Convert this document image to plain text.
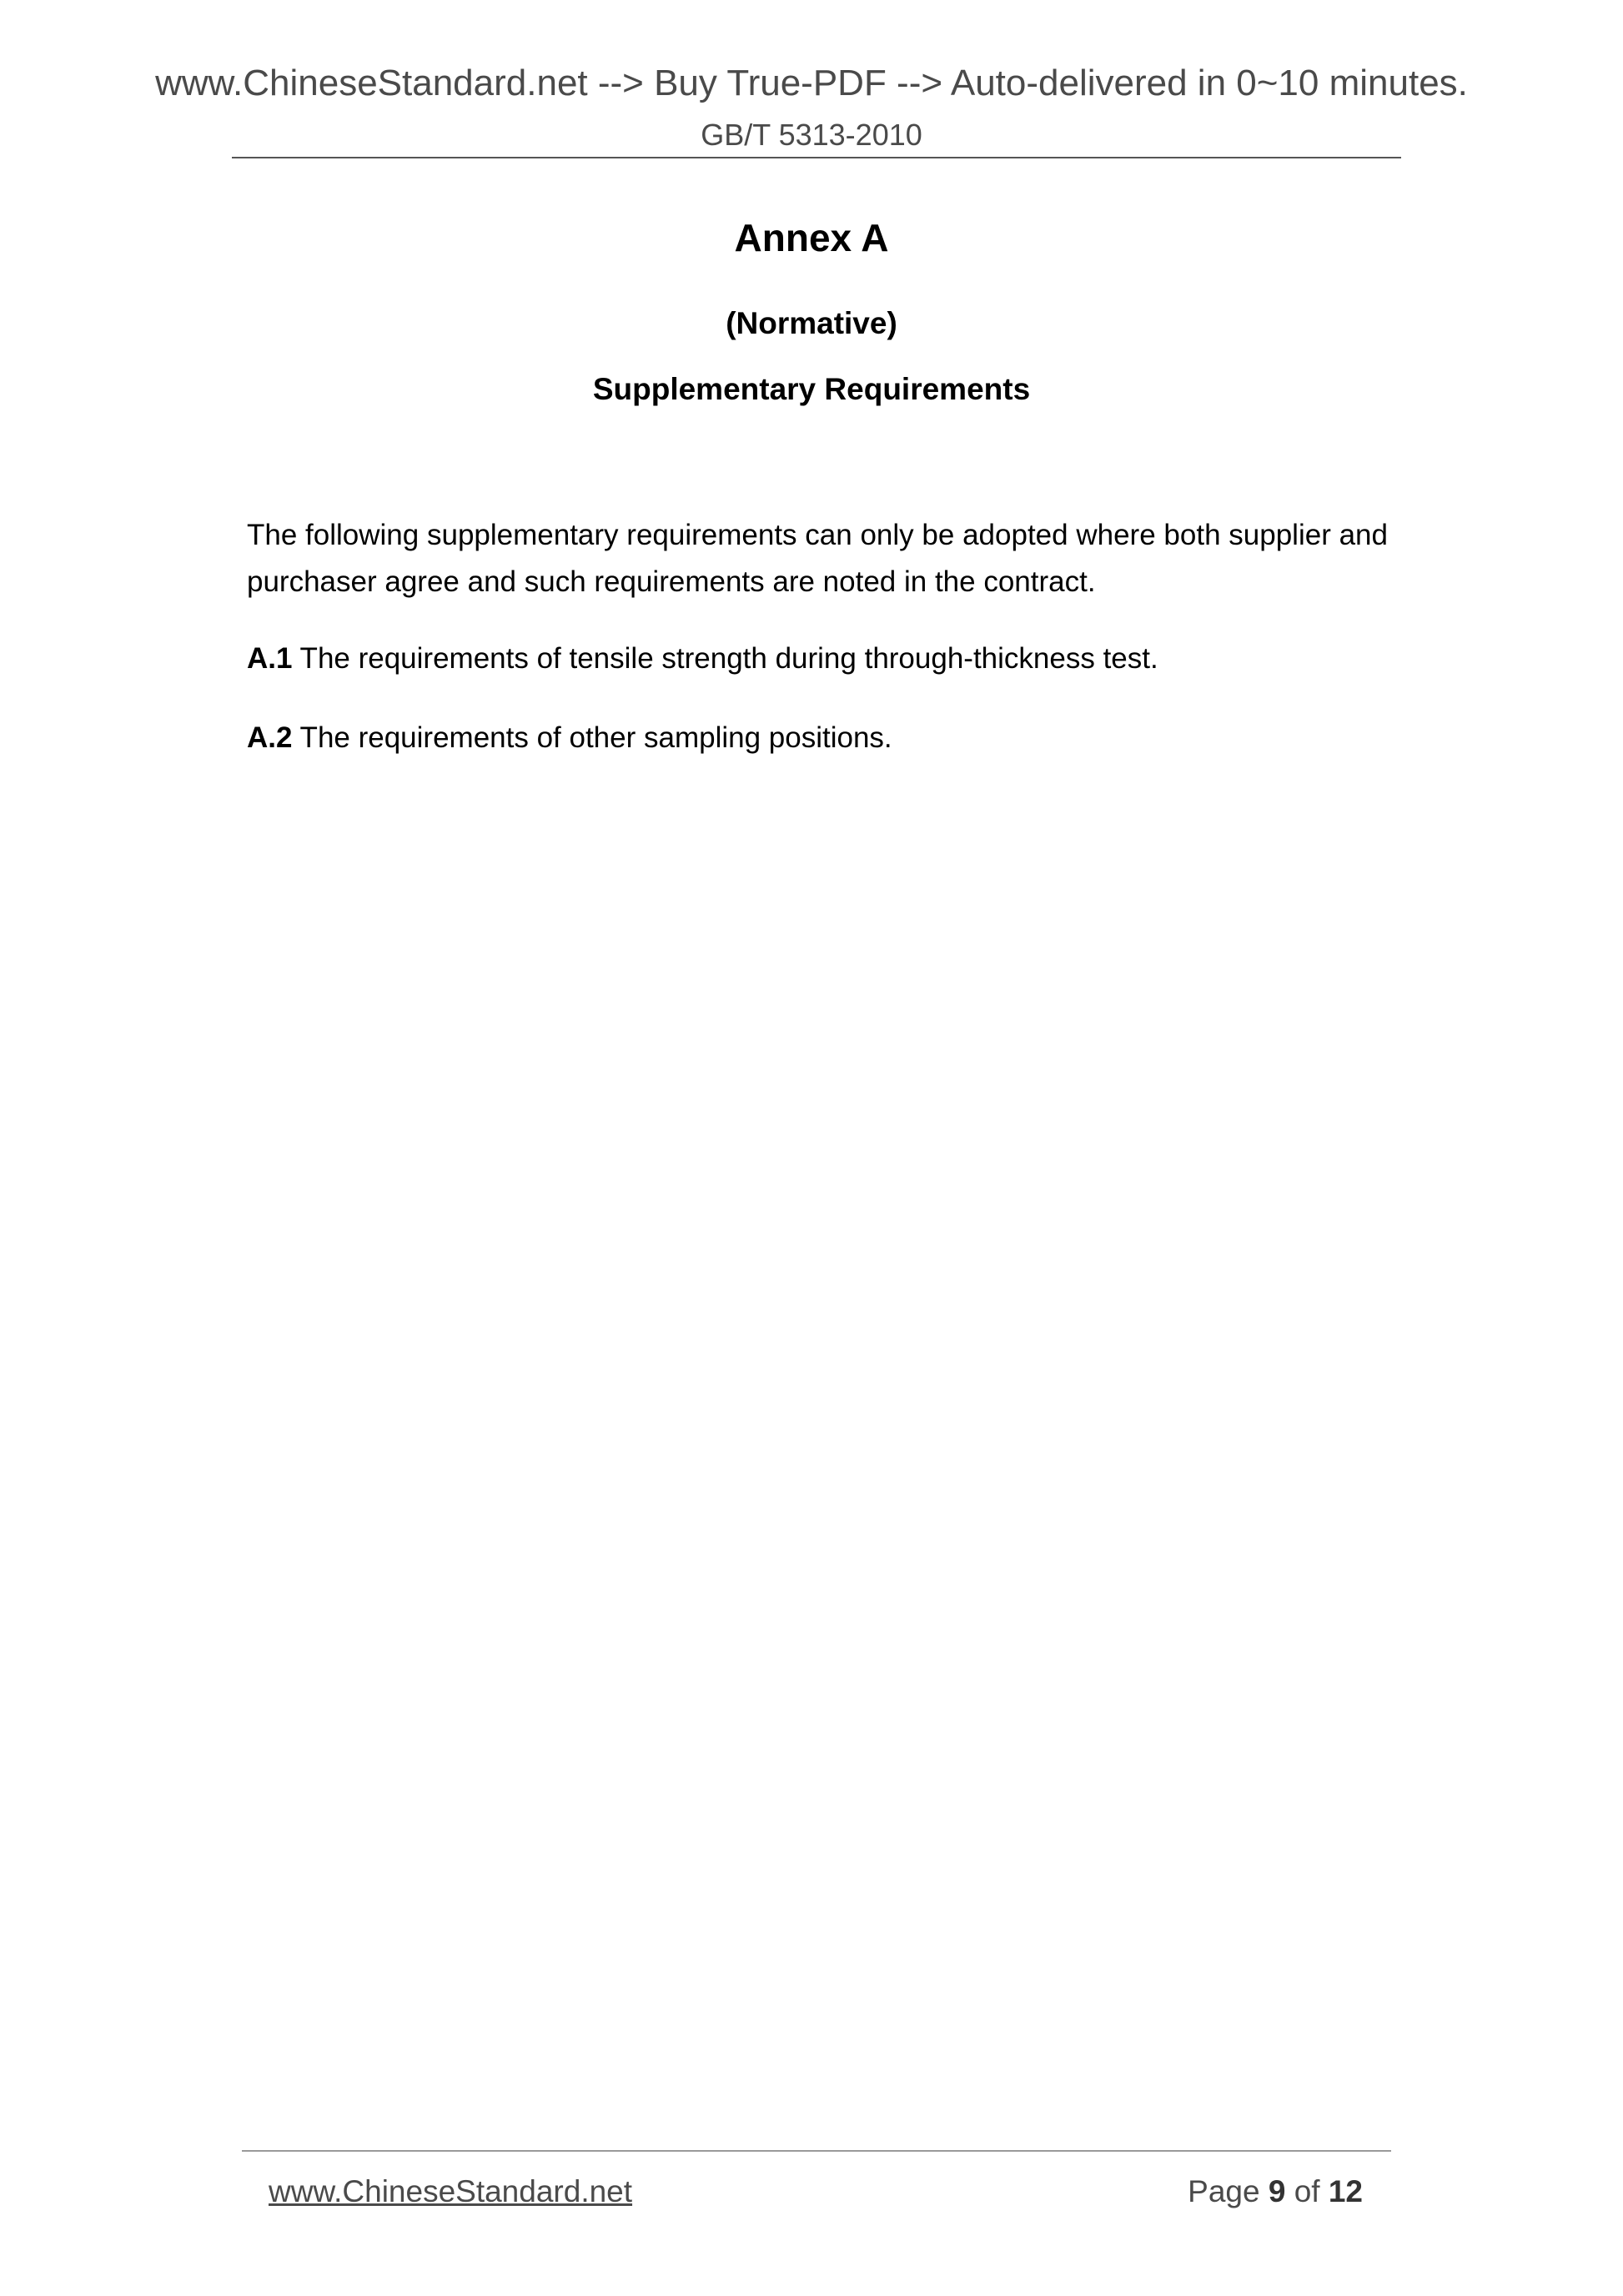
www.ChineseStandard.net --> Buy True-PDF --> Auto-delivered in 0~10 minutes.
GB/T 5313-2010
Annex A
(Normative)
Supplementary Requirements

The following supplementary requirements can only be adopted where both supplier and purchaser agree and such requirements are noted in the contract.

A.1 The requirements of tensile strength during through-thickness test.

A.2 The requirements of other sampling positions.

www.ChineseStandard.net	Page 9 of 12
